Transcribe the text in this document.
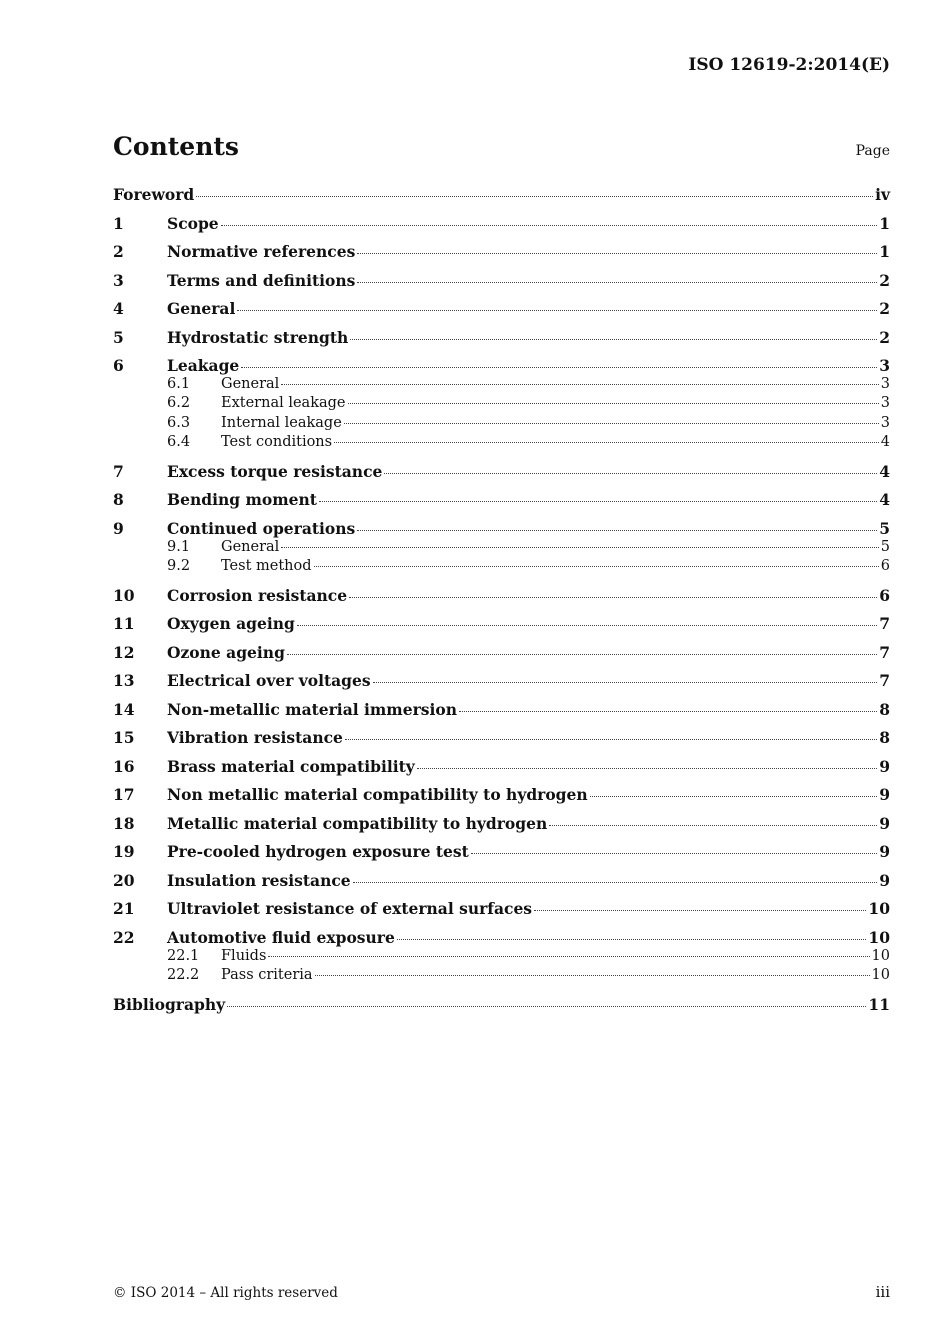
ISO 12619-2:2014(E)
Contents	Page
Foreword	iv
1	Scope	1
2	Normative references	1
3	Terms and definitions	2
4	General	2
5	Hydrostatic strength	2
6	Leakage	3
6.1	General	3
6.2	External leakage	3
6.3	Internal leakage	3
6.4	Test conditions	4
7	Excess torque resistance	4
8	Bending moment	4
9	Continued operations	5
9.1	General	5
9.2	Test method	6
10	Corrosion resistance	6
11	Oxygen ageing	7
12	Ozone ageing	7
13	Electrical over voltages	7
14	Non-metallic material immersion	8
15	Vibration resistance	8
16	Brass material compatibility	9
17	Non metallic material compatibility to hydrogen	9
18	Metallic material compatibility to hydrogen	9
19	Pre-cooled hydrogen exposure test	9
20	Insulation resistance	9
21	Ultraviolet resistance of external surfaces	10
22	Automotive fluid exposure	10
22.1	Fluids	10
22.2	Pass criteria	10
Bibliography	11
© ISO 2014 – All rights reserved	iii
